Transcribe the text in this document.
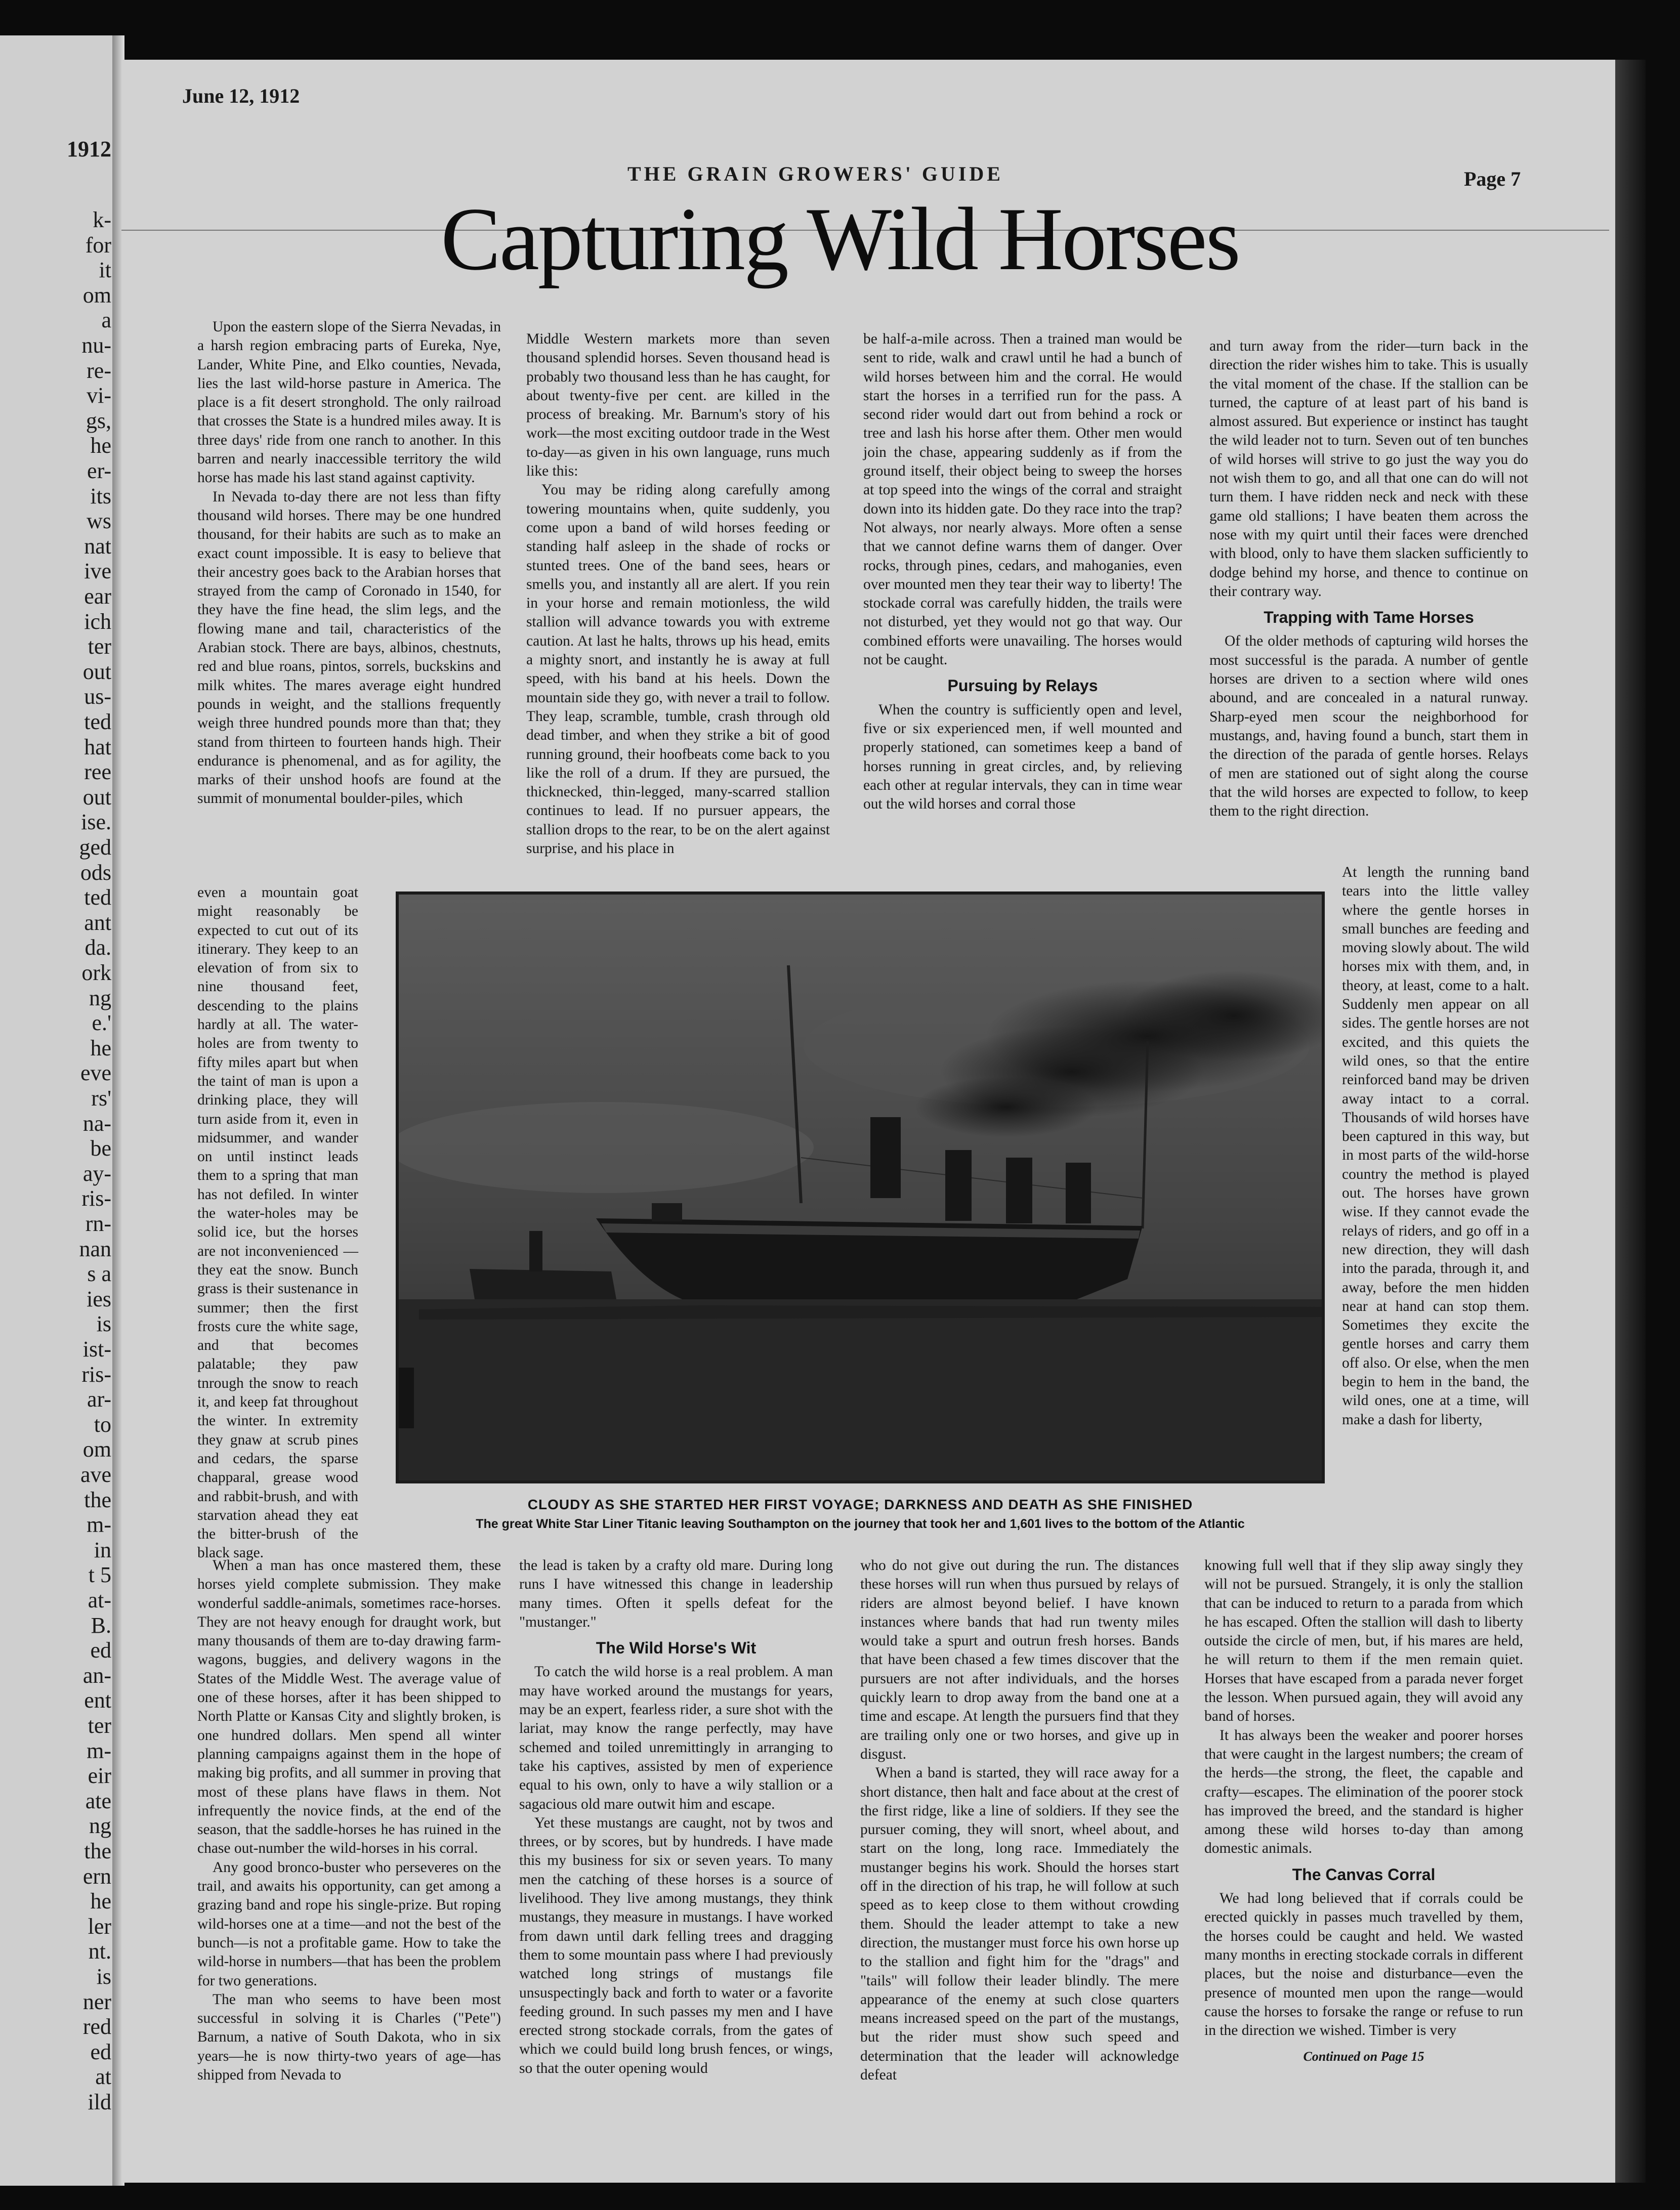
1912
k-
for
it
om
a
nu-
re-
vi-
gs,
he
er-
its
ws
nat
ive
ear
ich
ter
out
us-
ted
hat
ree
out
ise.
ged
ods
ted
ant
da.
ork
ng
e.'
he
eve
rs'
na-
be
ay-
ris-
rn-
nan
s a
ies
is
ist-
ris-
ar-
to
om
ave
the
m-
in
t 5
at-
B.
ed
an-
ent
ter
m-
eir
ate
ng
the
ern
he
ler
nt.
is
ner
red
ed
at
ild
June 12, 1912
THE GRAIN GROWERS' GUIDE	Page 7
Capturing Wild Horses

Upon the eastern slope of the Sierra Nevadas, in a harsh region embracing parts of Eureka, Nye, Lander, White Pine, and Elko counties, Nevada, lies the last wild-horse pasture in America. The place is a fit desert stronghold. The only railroad that crosses the State is a hundred miles away. It is three days' ride from one ranch to another. In this barren and nearly inaccessible territory the wild horse has made his last stand against captivity.

In Nevada to-day there are not less than fifty thousand wild horses. There may be one hundred thousand, for their habits are such as to make an exact count impossible. It is easy to believe that their ancestry goes back to the Arabian horses that strayed from the camp of Coronado in 1540, for they have the fine head, the slim legs, and the flowing mane and tail, characteristics of the Arabian stock. There are bays, albinos, chestnuts, red and blue roans, pintos, sorrels, buckskins and milk whites. The mares average eight hundred pounds in weight, and the stallions frequently weigh three hundred pounds more than that; they stand from thirteen to fourteen hands high. Their endurance is phenomenal, and as for agility, the marks of their unshod hoofs are found at the summit of monumental boulder-piles, which

even a mountain goat might reasonably be expected to cut out of its itinerary. They keep to an elevation of from six to nine thousand feet, descending to the plains hardly at all. The water-holes are from twenty to fifty miles apart but when the taint of man is upon a drinking place, they will turn aside from it, even in midsummer, and wander on until instinct leads them to a spring that man has not defiled. In winter the water-holes may be solid ice, but the horses are not inconvenienced — they eat the snow. Bunch grass is their sustenance in summer; then the first frosts cure the white sage, and that becomes palatable; they paw tnrough the snow to reach it, and keep fat throughout the winter. In extremity they gnaw at scrub pines and cedars, the sparse chapparal, grease wood and rabbit-brush, and with starvation ahead they eat the bitter-brush of the black sage.

Middle Western markets more than seven thousand splendid horses. Seven thousand head is probably two thousand less than he has caught, for about twenty-five per cent. are killed in the process of breaking. Mr. Barnum's story of his work—the most exciting outdoor trade in the West to-day—as given in his own language, runs much like this:

You may be riding along carefully among towering mountains when, quite suddenly, you come upon a band of wild horses feeding or standing half asleep in the shade of rocks or stunted trees. One of the band sees, hears or smells you, and instantly all are alert. If you rein in your horse and remain motionless, the wild stallion will advance towards you with extreme caution. At last he halts, throws up his head, emits a mighty snort, and instantly he is away at full speed, with his band at his heels. Down the mountain side they go, with never a trail to follow. They leap, scramble, tumble, crash through old dead timber, and when they strike a bit of good running ground, their hoofbeats come back to you like the roll of a drum. If they are pursued, the thicknecked, thin-legged, many-scarred stallion continues to lead. If no pursuer appears, the stallion drops to the rear, to be on the alert against surprise, and his place in

be half-a-mile across. Then a trained man would be sent to ride, walk and crawl until he had a bunch of wild horses between him and the corral. He would start the horses in a terrified run for the pass. A second rider would dart out from behind a rock or tree and lash his horse after them. Other men would join the chase, appearing suddenly as if from the ground itself, their object being to sweep the horses at top speed into the wings of the corral and straight down into its hidden gate. Do they race into the trap? Not always, nor nearly always. More often a sense that we cannot define warns them of danger. Over rocks, through pines, cedars, and mahoganies, even over mounted men they tear their way to liberty! The stockade corral was carefully hidden, the trails were not disturbed, yet they would not go that way. Our combined efforts were unavailing. The horses would not be caught.

Pursuing by Relays

When the country is sufficiently open and level, five or six experienced men, if well mounted and properly stationed, can sometimes keep a band of horses running in great circles, and, by relieving each other at regular intervals, they can in time wear out the wild horses and corral those

and turn away from the rider—turn back in the direction the rider wishes him to take. This is usually the vital moment of the chase. If the stallion can be turned, the capture of at least part of his band is almost assured. But experience or instinct has taught the wild leader not to turn. Seven out of ten bunches of wild horses will strive to go just the way you do not wish them to go, and all that one can do will not turn them. I have ridden neck and neck with these game old stallions; I have beaten them across the nose with my quirt until their faces were drenched with blood, only to have them slacken sufficiently to dodge behind my horse, and thence to continue on their contrary way.

Trapping with Tame Horses

Of the older methods of capturing wild horses the most successful is the parada. A number of gentle horses are driven to a section where wild ones abound, and are concealed in a natural runway. Sharp-eyed men scour the neighborhood for mustangs, and, having found a bunch, start them in the direction of the parada of gentle horses. Relays of men are stationed out of sight along the course that the wild horses are expected to follow, to keep them to the right direction.

At length the running band tears into the little valley where the gentle horses in small bunches are feeding and moving slowly about. The wild horses mix with them, and, in theory, at least, come to a halt. Suddenly men appear on all sides. The gentle horses are not excited, and this quiets the wild ones, so that the entire reinforced band may be driven away intact to a corral. Thousands of wild horses have been captured in this way, but in most parts of the wild-horse country the method is played out. The horses have grown wise. If they cannot evade the relays of riders, and go off in a new direction, they will dash into the parada, through it, and away, before the men hidden near at hand can stop them. Sometimes they excite the gentle horses and carry them off also. Or else, when the men begin to hem in the band, the wild ones, one at a time, will make a dash for liberty,

CLOUDY AS SHE STARTED HER FIRST VOYAGE; DARKNESS AND DEATH AS SHE FINISHED
The great White Star Liner Titanic leaving Southampton on the journey that took her and 1,601 lives to the bottom of the Atlantic

When a man has once mastered them, these horses yield complete submission. They make wonderful saddle-animals, sometimes race-horses. They are not heavy enough for draught work, but many thousands of them are to-day drawing farm-wagons, buggies, and delivery wagons in the States of the Middle West. The average value of one of these horses, after it has been shipped to North Platte or Kansas City and slightly broken, is one hundred dollars. Men spend all winter planning campaigns against them in the hope of making big profits, and all summer in proving that most of these plans have flaws in them. Not infrequently the novice finds, at the end of the season, that the saddle-horses he has ruined in the chase out-number the wild-horses in his corral.

Any good bronco-buster who perseveres on the trail, and awaits his opportunity, can get among a grazing band and rope his single-prize. But roping wild-horses one at a time—and not the best of the bunch—is not a profitable game. How to take the wild-horse in numbers—that has been the problem for two generations.

The man who seems to have been most successful in solving it is Charles ("Pete") Barnum, a native of South Dakota, who in six years—he is now thirty-two years of age—has shipped from Nevada to

the lead is taken by a crafty old mare. During long runs I have witnessed this change in leadership many times. Often it spells defeat for the "mustanger."

The Wild Horse's Wit

To catch the wild horse is a real problem. A man may have worked around the mustangs for years, may be an expert, fearless rider, a sure shot with the lariat, may know the range perfectly, may have schemed and toiled unremittingly in arranging to take his captives, assisted by men of experience equal to his own, only to have a wily stallion or a sagacious old mare outwit him and escape.

Yet these mustangs are caught, not by twos and threes, or by scores, but by hundreds. I have made this my business for six or seven years. To many men the catching of these horses is a source of livelihood. They live among mustangs, they think mustangs, they measure in mustangs. I have worked from dawn until dark felling trees and dragging them to some mountain pass where I had previously watched long strings of mustangs file unsuspectingly back and forth to water or a favorite feeding ground. In such passes my men and I have erected strong stockade corrals, from the gates of which we could build long brush fences, or wings, so that the outer opening would

who do not give out during the run. The distances these horses will run when thus pursued by relays of riders are almost beyond belief. I have known instances where bands that had run twenty miles would take a spurt and outrun fresh horses. Bands that have been chased a few times discover that the pursuers are not after individuals, and the horses quickly learn to drop away from the band one at a time and escape. At length the pursuers find that they are trailing only one or two horses, and give up in disgust.

When a band is started, they will race away for a short distance, then halt and face about at the crest of the first ridge, like a line of soldiers. If they see the pursuer coming, they will snort, wheel about, and start on the long, long race. Immediately the mustanger begins his work. Should the horses start off in the direction of his trap, he will follow at such speed as to keep close to them without crowding them. Should the leader attempt to take a new direction, the mustanger must force his own horse up to the stallion and fight him for the "drags" and "tails" will follow their leader blindly. The mere appearance of the enemy at such close quarters means increased speed on the part of the mustangs, but the rider must show such speed and determination that the leader will acknowledge defeat

knowing full well that if they slip away singly they will not be pursued. Strangely, it is only the stallion that can be induced to return to a parada from which he has escaped. Often the stallion will dash to liberty outside the circle of men, but, if his mares are held, he will return to them if the men remain quiet. Horses that have escaped from a parada never forget the lesson. When pursued again, they will avoid any band of horses.

It has always been the weaker and poorer horses that were caught in the largest numbers; the cream of the herds—the strong, the fleet, the capable and crafty—escapes. The elimination of the poorer stock has improved the breed, and the standard is higher among these wild horses to-day than among domestic animals.

The Canvas Corral

We had long believed that if corrals could be erected quickly in passes much travelled by them, the horses could be caught and held. We wasted many months in erecting stockade corrals in different places, but the noise and disturbance—even the presence of mounted men upon the range—would cause the horses to forsake the range or refuse to run in the direction we wished. Timber is very

Continued on Page 15
